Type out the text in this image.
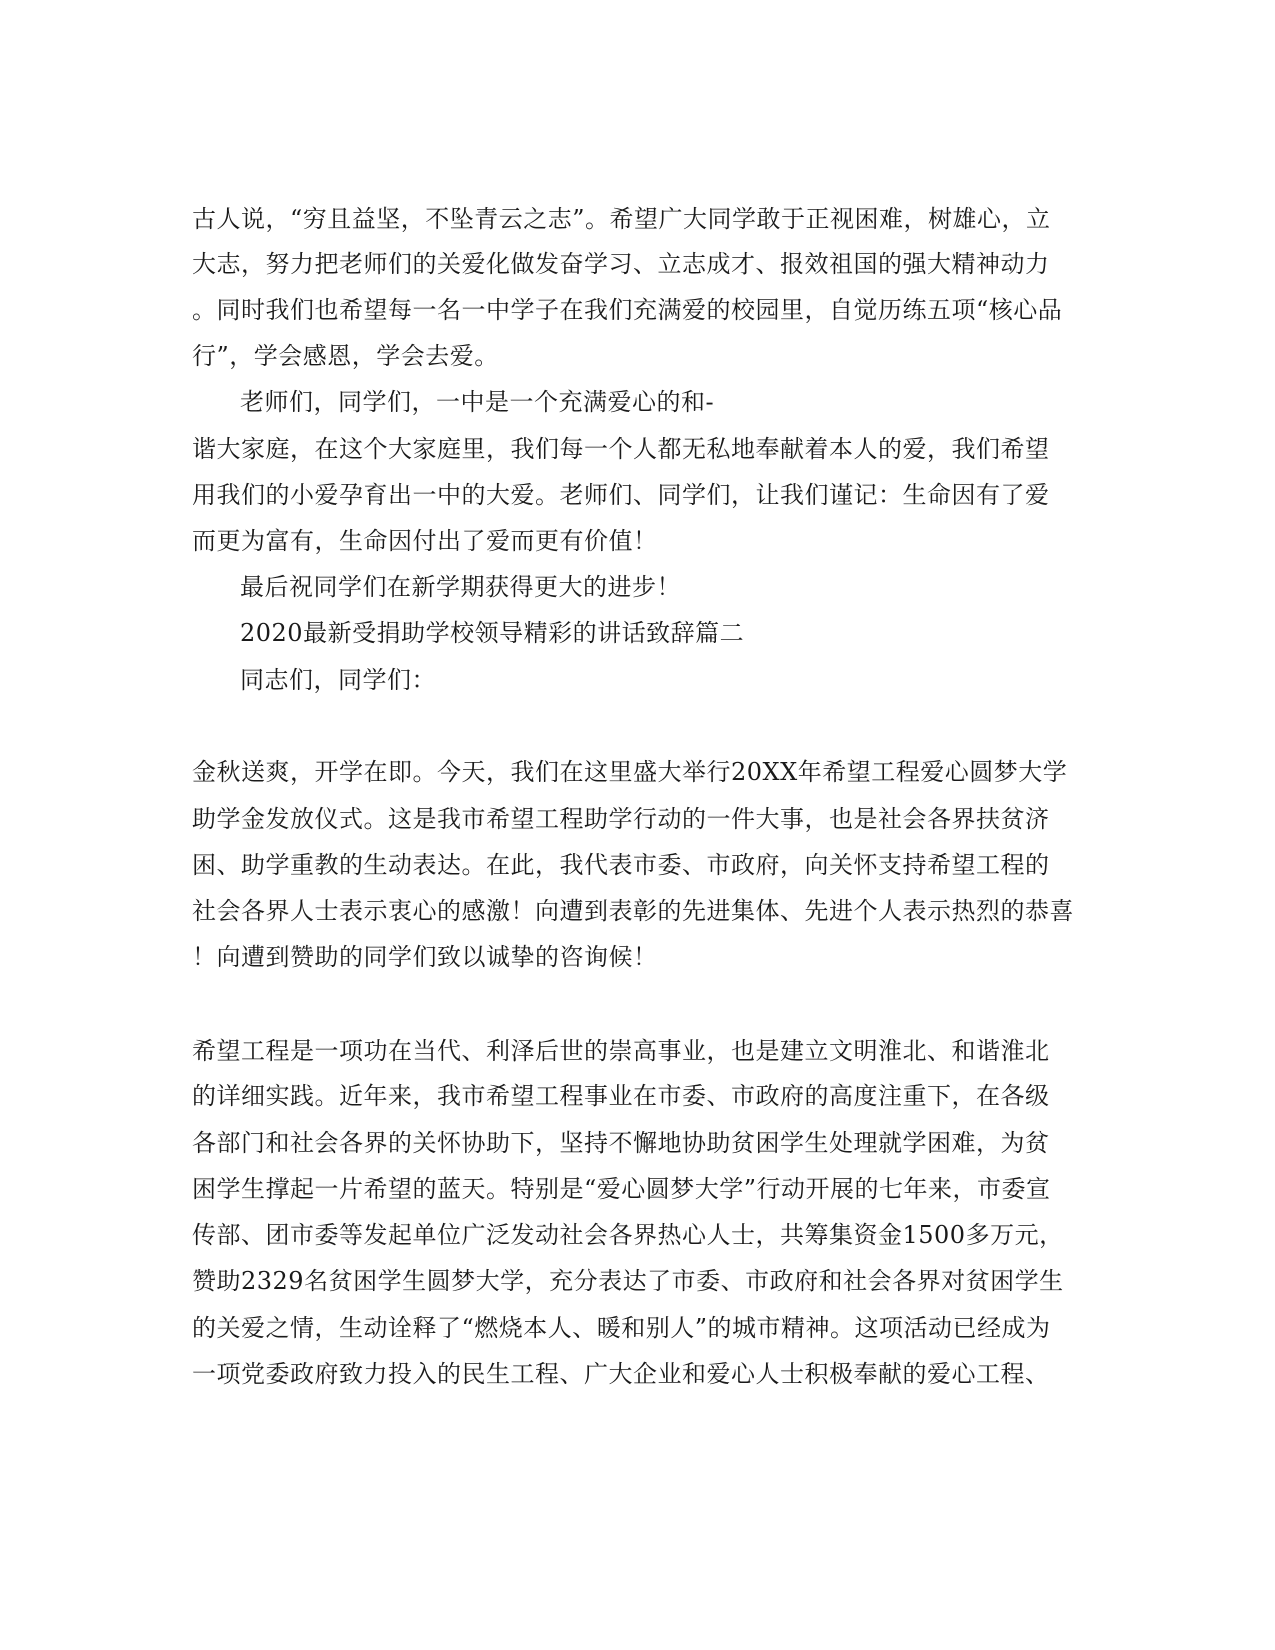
古人说，“穷且益坚，不坠青云之志”。希望广大同学敢于正视困难，树雄心，立
大志，努力把老师们的关爱化做发奋学习、立志成才、报效祖国的强大精神动力
。同时我们也希望每一名一中学子在我们充满爱的校园里，自觉历练五项“核心品
行”，学会感恩，学会去爱。
老师们，同学们，一中是一个充满爱心的和-
谐大家庭，在这个大家庭里，我们每一个人都无私地奉献着本人的爱，我们希望
用我们的小爱孕育出一中的大爱。老师们、同学们，让我们谨记：生命因有了爱
而更为富有，生命因付出了爱而更有价值！
最后祝同学们在新学期获得更大的进步！
2020最新受捐助学校领导精彩的讲话致辞篇二
同志们，同学们：
金秋送爽，开学在即。今天，我们在这里盛大举行20XX年希望工程爱心圆梦大学
助学金发放仪式。这是我市希望工程助学行动的一件大事，也是社会各界扶贫济
困、助学重教的生动表达。在此，我代表市委、市政府，向关怀支持希望工程的
社会各界人士表示衷心的感激！向遭到表彰的先进集体、先进个人表示热烈的恭喜
！向遭到赞助的同学们致以诚挚的咨询候！
希望工程是一项功在当代、利泽后世的崇高事业，也是建立文明淮北、和谐淮北
的详细实践。近年来，我市希望工程事业在市委、市政府的高度注重下，在各级
各部门和社会各界的关怀协助下，坚持不懈地协助贫困学生处理就学困难，为贫
困学生撑起一片希望的蓝天。特别是“爱心圆梦大学”行动开展的七年来，市委宣
传部、团市委等发起单位广泛发动社会各界热心人士，共筹集资金1500多万元，
赞助2329名贫困学生圆梦大学，充分表达了市委、市政府和社会各界对贫困学生
的关爱之情，生动诠释了“燃烧本人、暖和别人”的城市精神。这项活动已经成为
一项党委政府致力投入的民生工程、广大企业和爱心人士积极奉献的爱心工程、
